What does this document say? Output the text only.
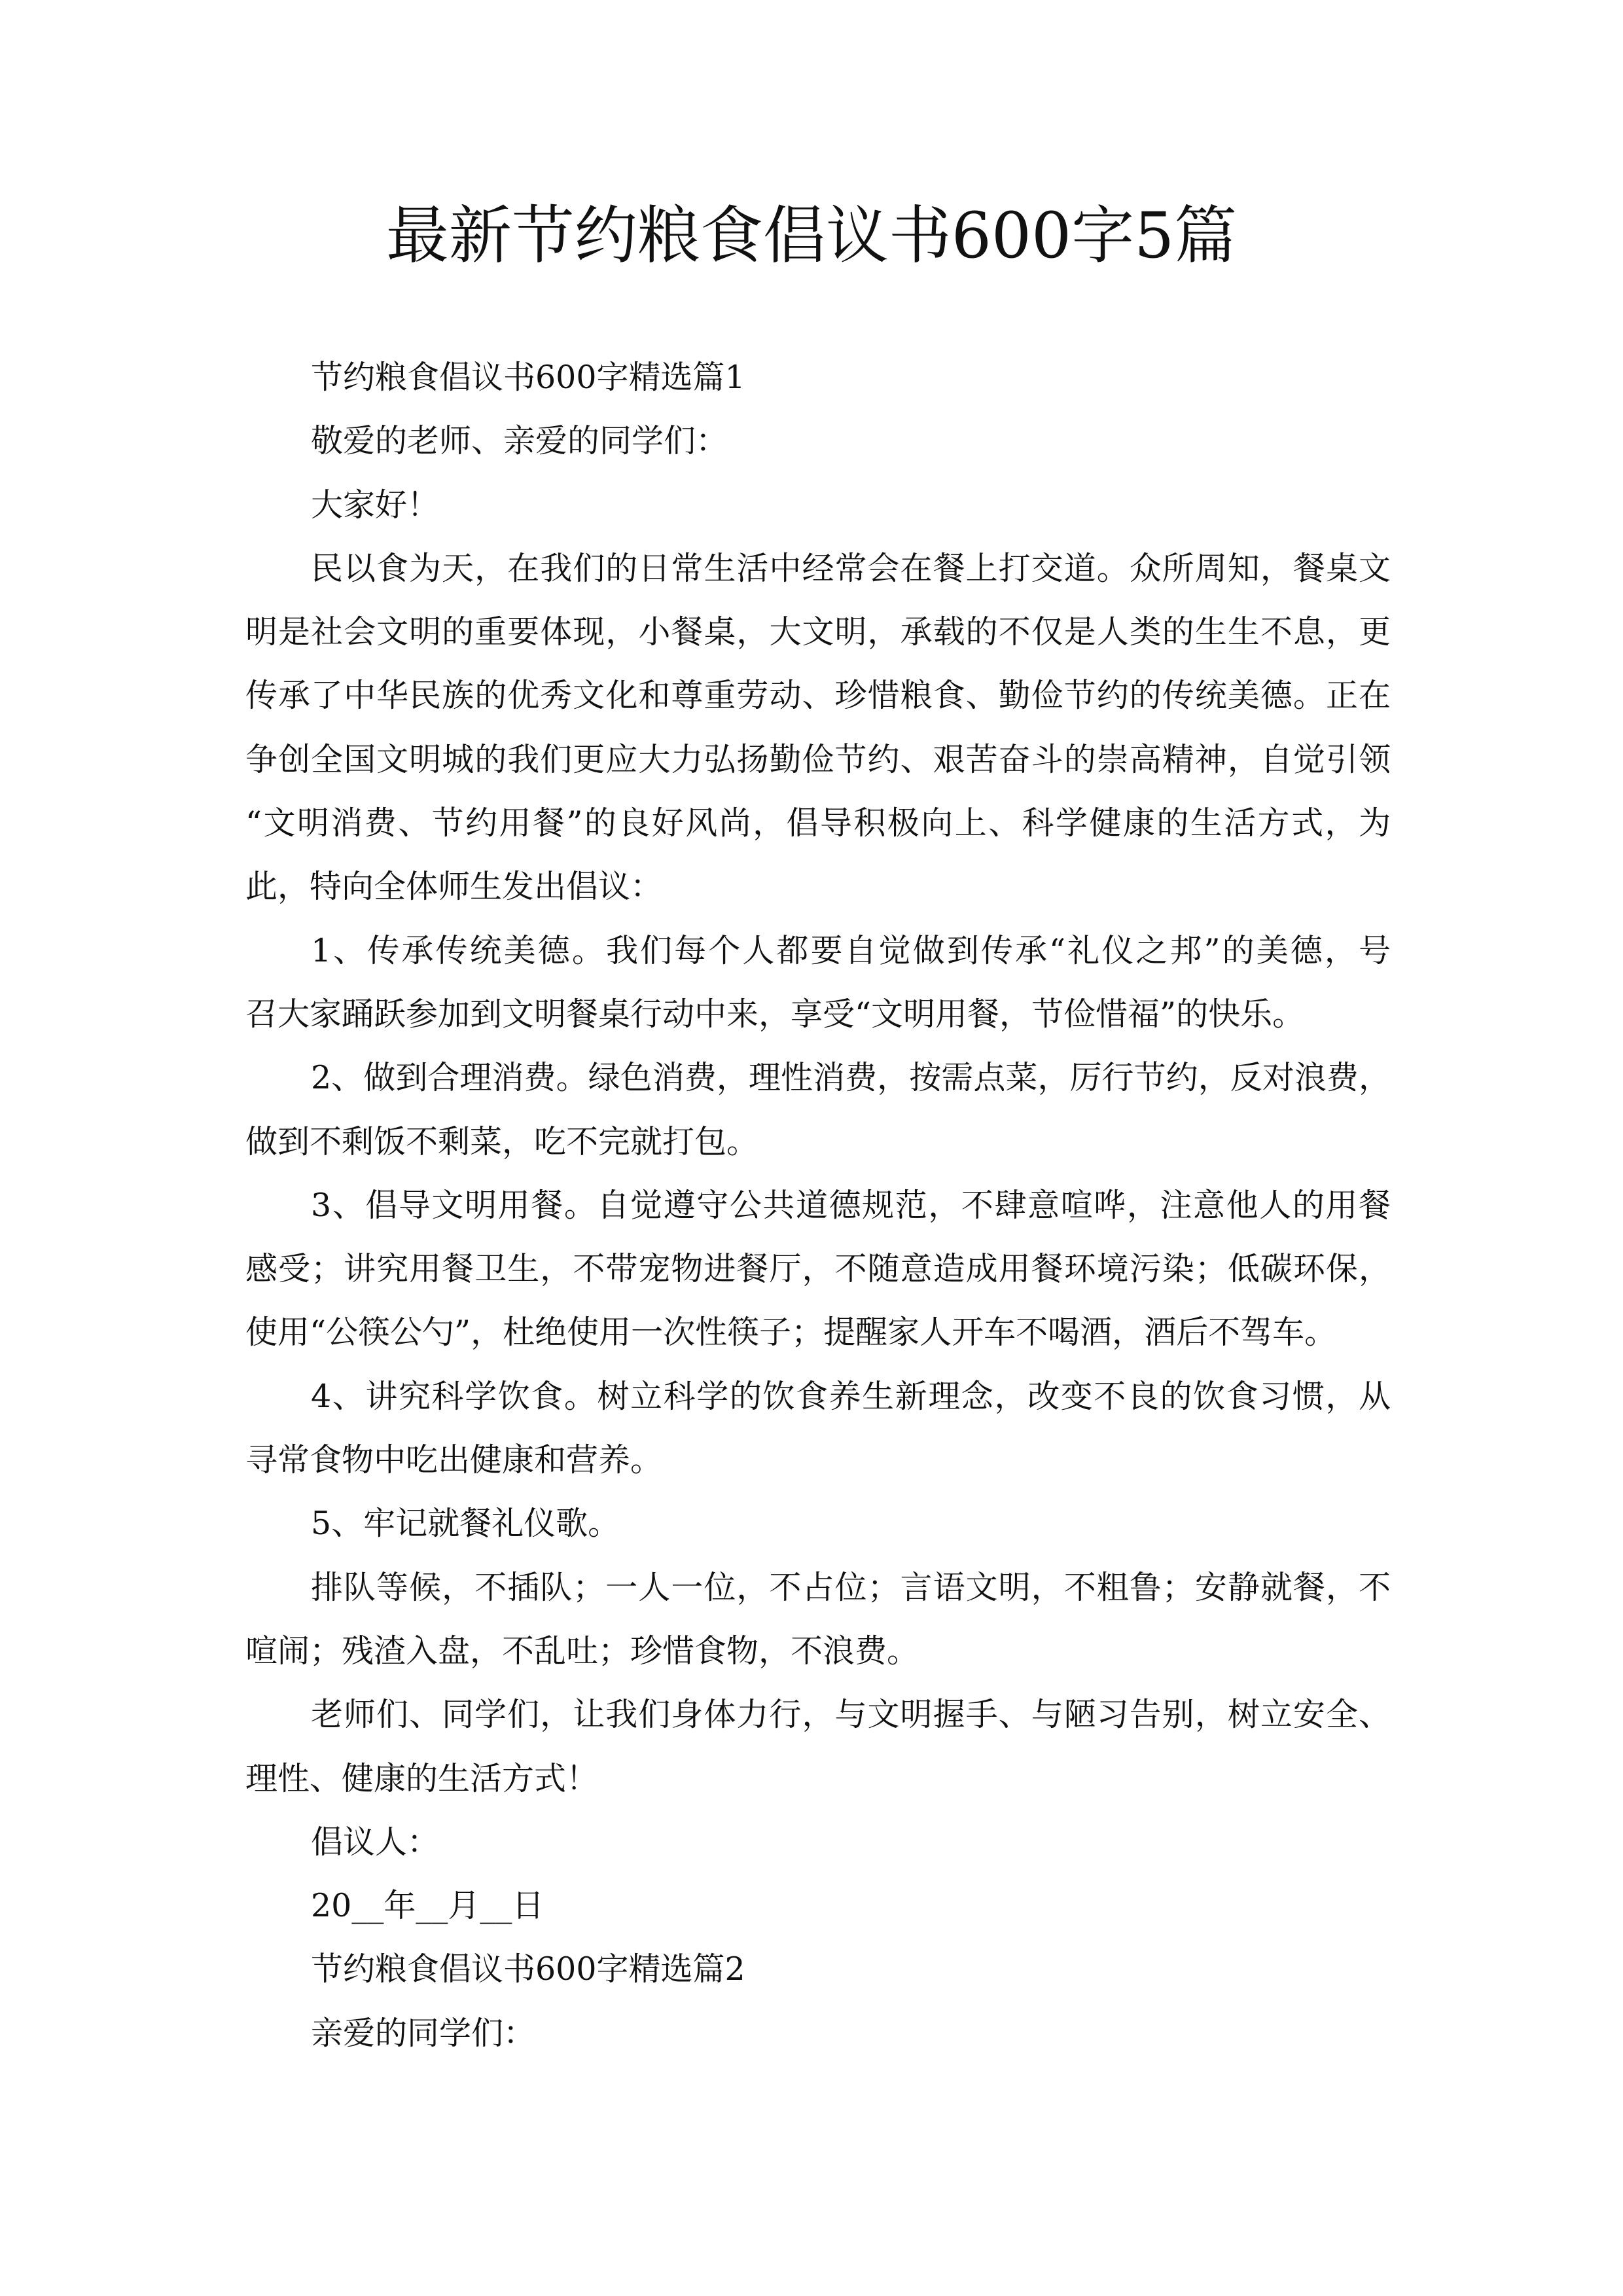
最新节约粮食倡议书600字5篇
节约粮食倡议书600字精选篇1
敬爱的老师、亲爱的同学们：
大家好！
民以食为天，在我们的日常生活中经常会在餐上打交道。众所周知，餐桌文
明是社会文明的重要体现，小餐桌，大文明，承载的不仅是人类的生生不息，更
传承了中华民族的优秀文化和尊重劳动、珍惜粮食、勤俭节约的传统美德。正在
争创全国文明城的我们更应大力弘扬勤俭节约、艰苦奋斗的崇高精神，自觉引领
“文明消费、节约用餐”的良好风尚，倡导积极向上、科学健康的生活方式，为
此，特向全体师生发出倡议：
1、传承传统美德。我们每个人都要自觉做到传承“礼仪之邦”的美德，号
召大家踊跃参加到文明餐桌行动中来，享受“文明用餐，节俭惜福”的快乐。
2、做到合理消费。绿色消费，理性消费，按需点菜，厉行节约，反对浪费，
做到不剩饭不剩菜，吃不完就打包。
3、倡导文明用餐。自觉遵守公共道德规范，不肆意喧哗，注意他人的用餐
感受；讲究用餐卫生，不带宠物进餐厅，不随意造成用餐环境污染；低碳环保，
使用“公筷公勺”，杜绝使用一次性筷子；提醒家人开车不喝酒，酒后不驾车。
4、讲究科学饮食。树立科学的饮食养生新理念，改变不良的饮食习惯，从
寻常食物中吃出健康和营养。
5、牢记就餐礼仪歌。
排队等候，不插队；一人一位，不占位；言语文明，不粗鲁；安静就餐，不
喧闹；残渣入盘，不乱吐；珍惜食物，不浪费。
老师们、同学们，让我们身体力行，与文明握手、与陋习告别，树立安全、
理性、健康的生活方式！
倡议人：
20__年__月__日
节约粮食倡议书600字精选篇2
亲爱的同学们：
